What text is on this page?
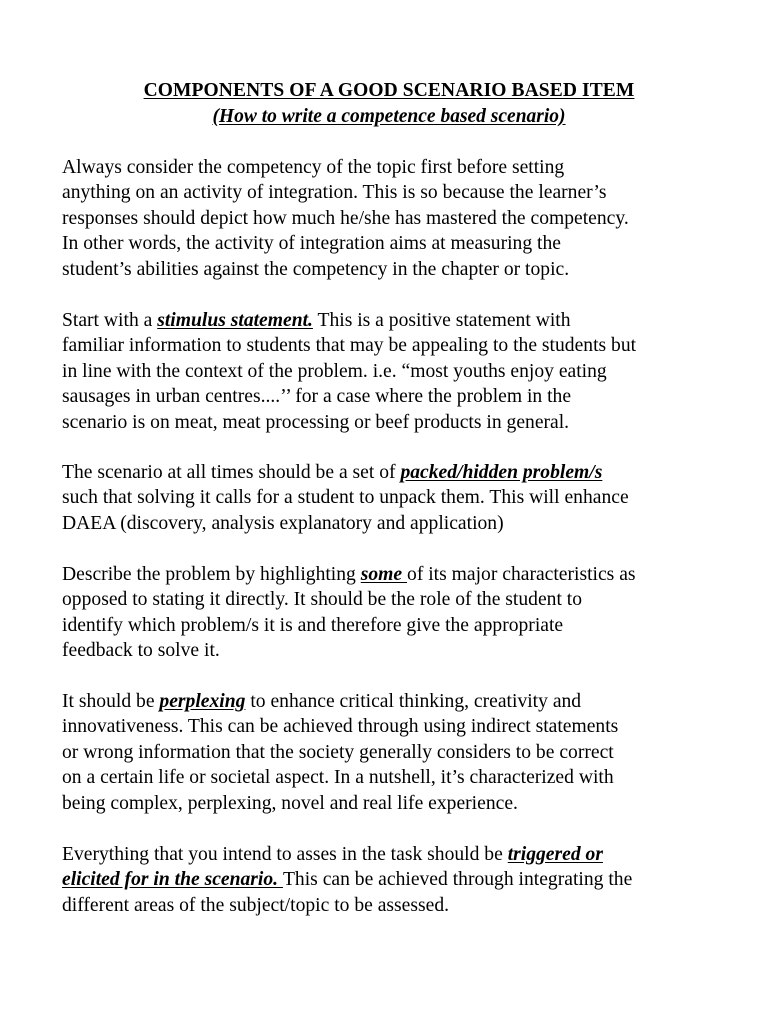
COMPONENTS OF A GOOD SCENARIO BASED ITEM
(How to write a competence based scenario)

Always consider the competency of the topic first before setting
anything on an activity of integration. This is so because the learner’s
responses should depict how much he/she has mastered the competency.
In other words, the activity of integration aims at measuring the
student’s abilities against the competency in the chapter or topic.

Start with a stimulus statement. This is a positive statement with
familiar information to students that may be appealing to the students but
in line with the context of the problem. i.e. “most youths enjoy eating
sausages in urban centres....’’ for a case where the problem in the
scenario is on meat, meat processing or beef products in general.

The scenario at all times should be a set of packed/hidden problem/s
such that solving it calls for a student to unpack them. This will enhance
DAEA (discovery, analysis explanatory and application)

Describe the problem by highlighting some of its major characteristics as
opposed to stating it directly. It should be the role of the student to
identify which problem/s it is and therefore give the appropriate
feedback to solve it.

It should be perplexing to enhance critical thinking, creativity and
innovativeness. This can be achieved through using indirect statements
or wrong information that the society generally considers to be correct
on a certain life or societal aspect. In a nutshell, it’s characterized with
being complex, perplexing, novel and real life experience.

Everything that you intend to asses in the task should be triggered or
elicited for in the scenario. This can be achieved through integrating the
different areas of the subject/topic to be assessed.
